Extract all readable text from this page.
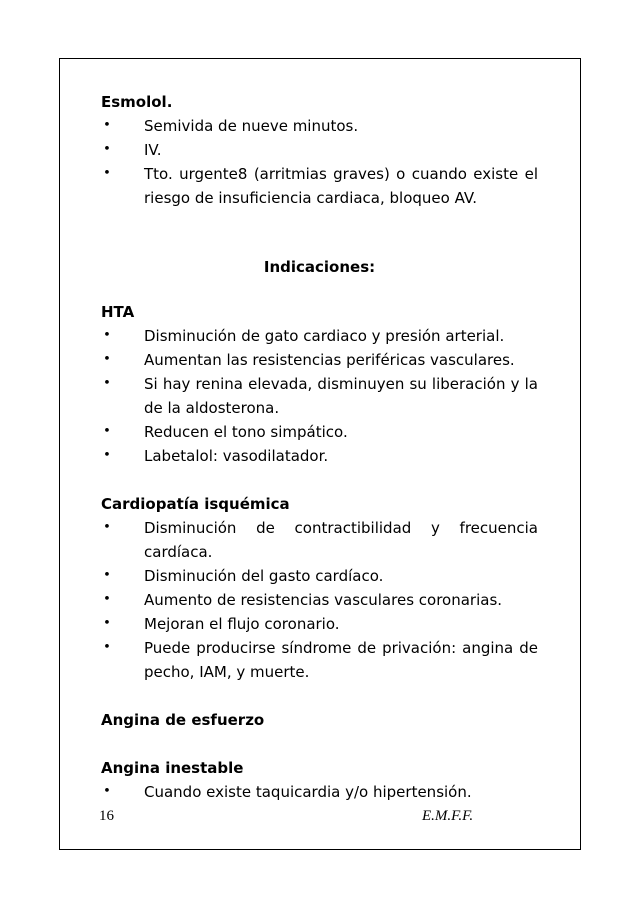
Esmolol.

• Semivida de nueve minutos.
• IV.
• Tto. urgente8 (arritmias graves) o cuando existe el riesgo de insuficiencia cardiaca, bloqueo AV.

Indicaciones:

HTA

• Disminución de gato cardiaco y presión arterial.
• Aumentan las resistencias periféricas vasculares.
• Si hay renina elevada, disminuyen su liberación y la de la aldosterona.
• Reducen el tono simpático.
• Labetalol: vasodilatador.

Cardiopatía isquémica

• Disminución de contractibilidad y frecuencia cardíaca.
• Disminución del gasto cardíaco.
• Aumento de resistencias vasculares coronarias.
• Mejoran el flujo coronario.
• Puede producirse síndrome de privación: angina de pecho, IAM, y muerte.

Angina de esfuerzo

Angina inestable

• Cuando existe taquicardia y/o hipertensión.
16	E.M.F.F.
